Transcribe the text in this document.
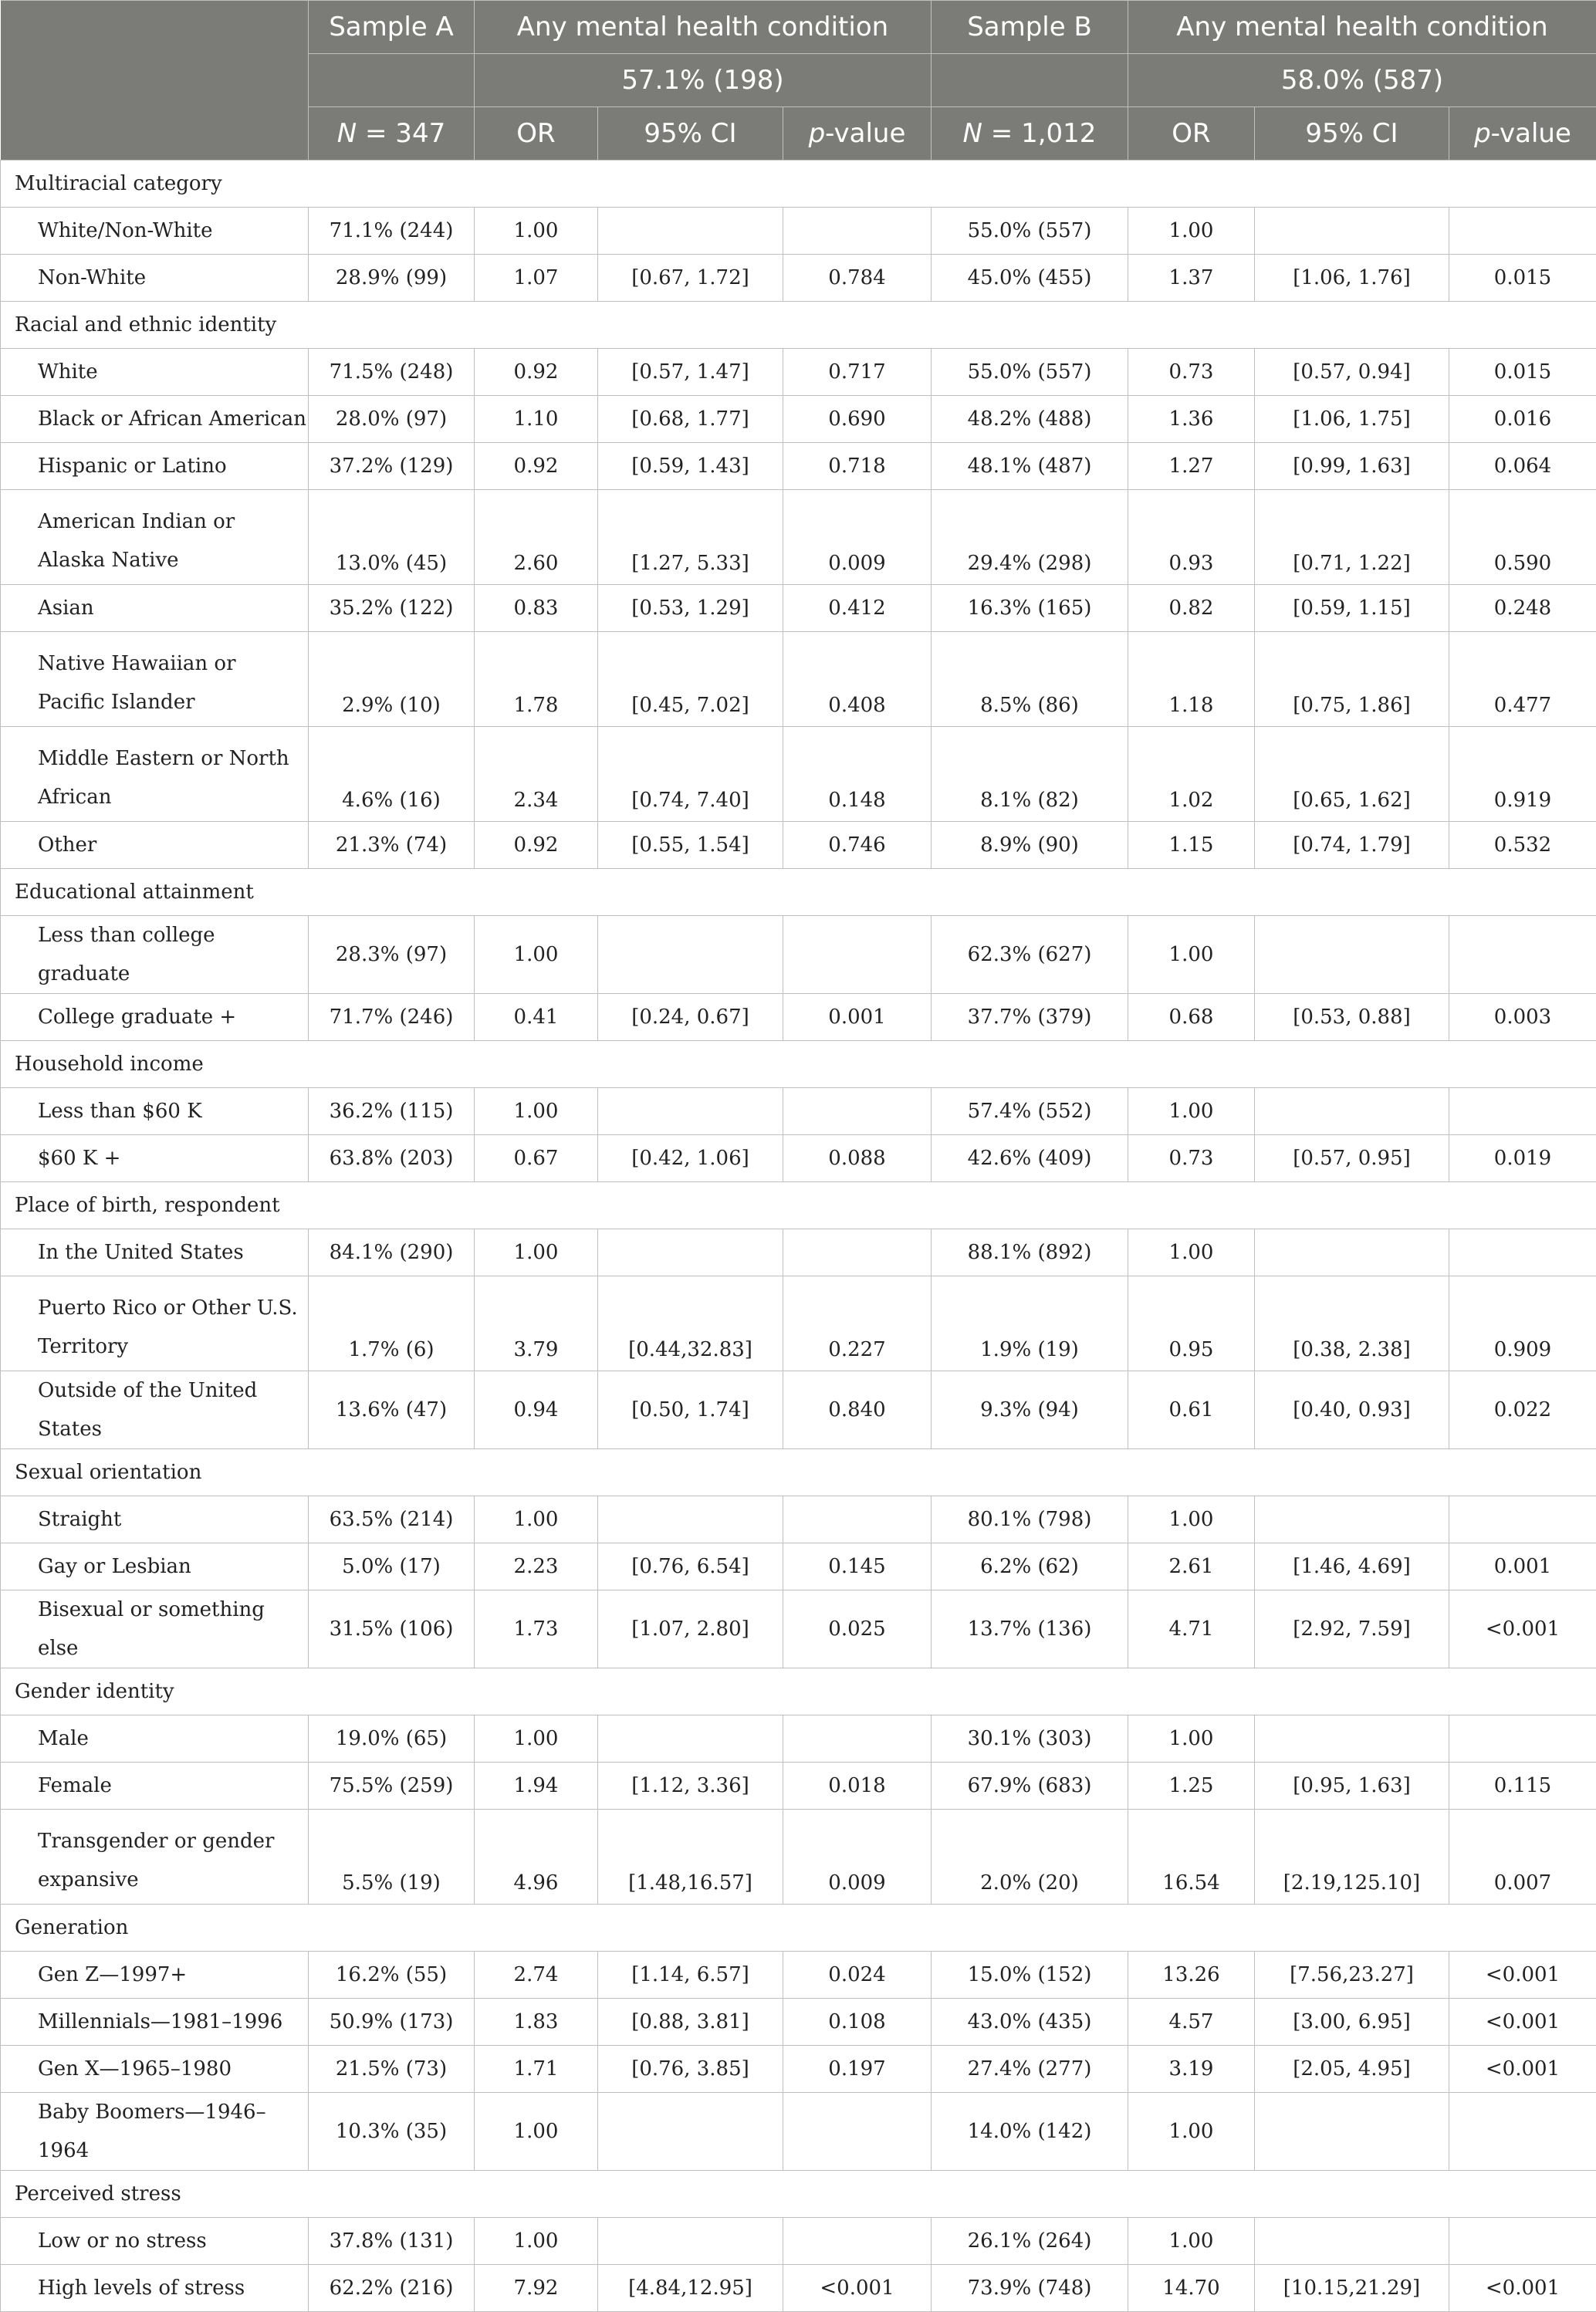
	Sample A	Any mental health condition			Sample B	Any mental health condition		
		57.1% (198)				58.0% (587)		
	N = 347	OR	95% CI	p-value	N = 1,012	OR	95% CI	p-value
Multiracial category								
White/Non-White	71.1% (244)	1.00			55.0% (557)	1.00		
Non-White	28.9% (99)	1.07	[0.67, 1.72]	0.784	45.0% (455)	1.37	[1.06, 1.76]	0.015
Racial and ethnic identity								
White	71.5% (248)	0.92	[0.57, 1.47]	0.717	55.0% (557)	0.73	[0.57, 0.94]	0.015
Black or African American	28.0% (97)	1.10	[0.68, 1.77]	0.690	48.2% (488)	1.36	[1.06, 1.75]	0.016
Hispanic or Latino	37.2% (129)	0.92	[0.59, 1.43]	0.718	48.1% (487)	1.27	[0.99, 1.63]	0.064
American Indian or Alaska Native	13.0% (45)	2.60	[1.27, 5.33]	0.009	29.4% (298)	0.93	[0.71, 1.22]	0.590
Asian	35.2% (122)	0.83	[0.53, 1.29]	0.412	16.3% (165)	0.82	[0.59, 1.15]	0.248
Native Hawaiian or Pacific Islander	2.9% (10)	1.78	[0.45, 7.02]	0.408	8.5% (86)	1.18	[0.75, 1.86]	0.477
Middle Eastern or North African	4.6% (16)	2.34	[0.74, 7.40]	0.148	8.1% (82)	1.02	[0.65, 1.62]	0.919
Other	21.3% (74)	0.92	[0.55, 1.54]	0.746	8.9% (90)	1.15	[0.74, 1.79]	0.532
Educational attainment								
Less than college graduate	28.3% (97)	1.00			62.3% (627)	1.00		
College graduate +	71.7% (246)	0.41	[0.24, 0.67]	0.001	37.7% (379)	0.68	[0.53, 0.88]	0.003
Household income								
Less than $60 K	36.2% (115)	1.00			57.4% (552)	1.00		
$60 K +	63.8% (203)	0.67	[0.42, 1.06]	0.088	42.6% (409)	0.73	[0.57, 0.95]	0.019
Place of birth, respondent								
In the United States	84.1% (290)	1.00			88.1% (892)	1.00		
Puerto Rico or Other U.S. Territory	1.7% (6)	3.79	[0.44,32.83]	0.227	1.9% (19)	0.95	[0.38, 2.38]	0.909
Outside of the United States	13.6% (47)	0.94	[0.50, 1.74]	0.840	9.3% (94)	0.61	[0.40, 0.93]	0.022
Sexual orientation								
Straight	63.5% (214)	1.00			80.1% (798)	1.00		
Gay or Lesbian	5.0% (17)	2.23	[0.76, 6.54]	0.145	6.2% (62)	2.61	[1.46, 4.69]	0.001
Bisexual or something else	31.5% (106)	1.73	[1.07, 2.80]	0.025	13.7% (136)	4.71	[2.92, 7.59]	<0.001
Gender identity								
Male	19.0% (65)	1.00			30.1% (303)	1.00		
Female	75.5% (259)	1.94	[1.12, 3.36]	0.018	67.9% (683)	1.25	[0.95, 1.63]	0.115
Transgender or gender expansive	5.5% (19)	4.96	[1.48,16.57]	0.009	2.0% (20)	16.54	[2.19,125.10]	0.007
Generation								
Gen Z—1997+	16.2% (55)	2.74	[1.14, 6.57]	0.024	15.0% (152)	13.26	[7.56,23.27]	<0.001
Millennials—1981–1996	50.9% (173)	1.83	[0.88, 3.81]	0.108	43.0% (435)	4.57	[3.00, 6.95]	<0.001
Gen X—1965–1980	21.5% (73)	1.71	[0.76, 3.85]	0.197	27.4% (277)	3.19	[2.05, 4.95]	<0.001
Baby Boomers—1946–1964	10.3% (35)	1.00			14.0% (142)	1.00		
Perceived stress								
Low or no stress	37.8% (131)	1.00			26.1% (264)	1.00		
High levels of stress	62.2% (216)	7.92	[4.84,12.95]	<0.001	73.9% (748)	14.70	[10.15,21.29]	<0.001
